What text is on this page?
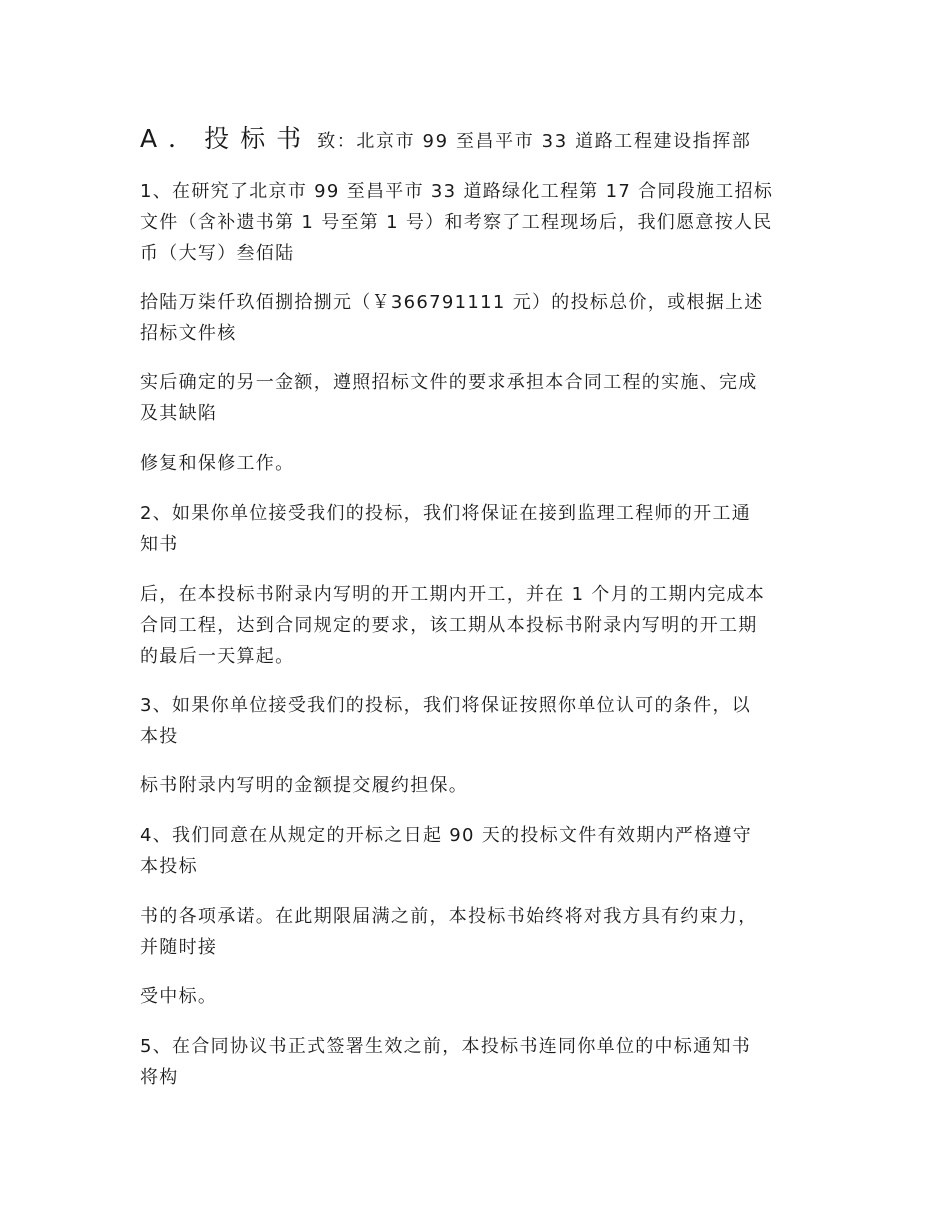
A．投标书 致：北京市 99 至昌平市 33 道路工程建设指挥部

1、在研究了北京市 99 至昌平市 33 道路绿化工程第 17 合同段施工招标
文件（含补遗书第 1 号至第 1 号）和考察了工程现场后，我们愿意按人民
币（大写）叁佰陆

拾陆万柒仟玖佰捌拾捌元（￥366791111 元）的投标总价，或根据上述
招标文件核

实后确定的另一金额，遵照招标文件的要求承担本合同工程的实施、完成
及其缺陷

修复和保修工作。

2、如果你单位接受我们的投标，我们将保证在接到监理工程师的开工通
知书

后，在本投标书附录内写明的开工期内开工，并在 1 个月的工期内完成本
合同工程，达到合同规定的要求，该工期从本投标书附录内写明的开工期
的最后一天算起。

3、如果你单位接受我们的投标，我们将保证按照你单位认可的条件，以
本投

标书附录内写明的金额提交履约担保。

4、我们同意在从规定的开标之日起 90 天的投标文件有效期内严格遵守
本投标

书的各项承诺。在此期限届满之前，本投标书始终将对我方具有约束力，
并随时接

受中标。

5、在合同协议书正式签署生效之前，本投标书连同你单位的中标通知书
将构
